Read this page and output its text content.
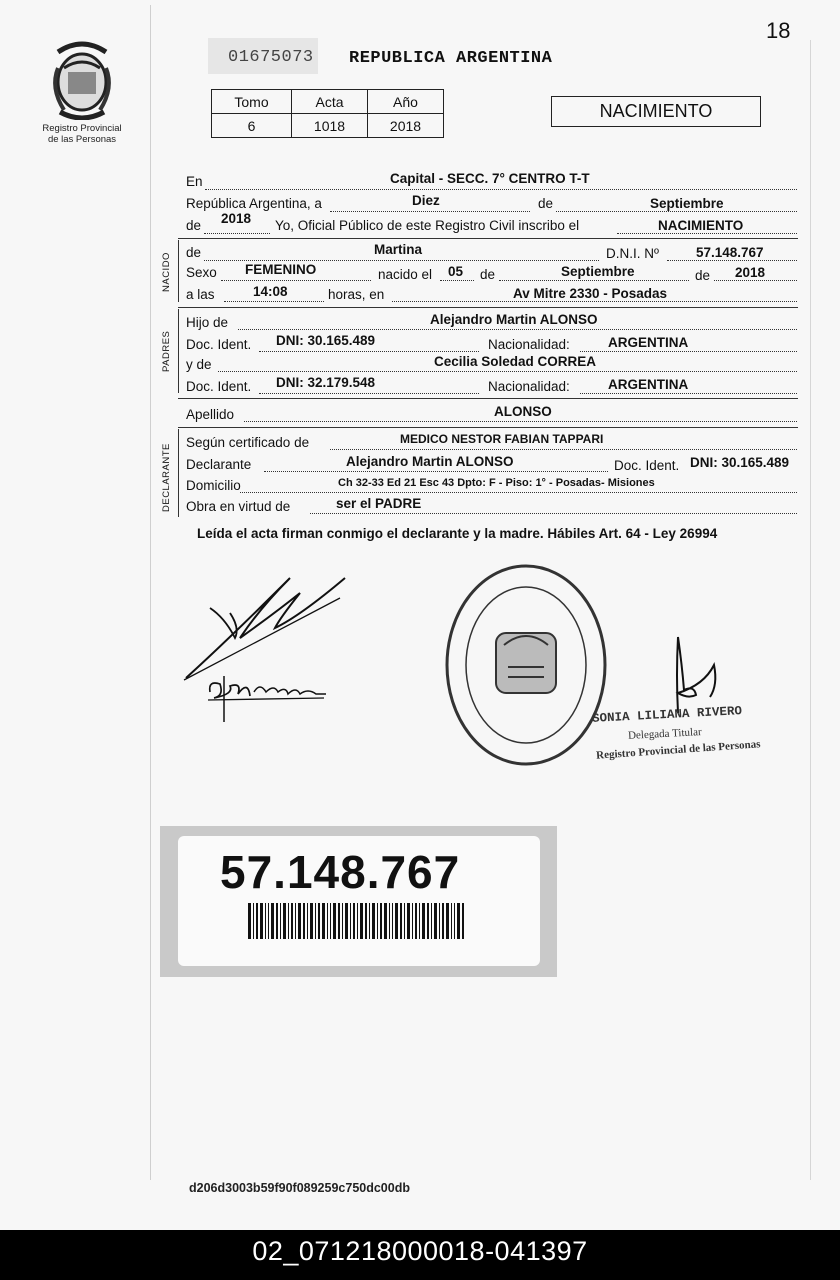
18
Registro Provincial
de las Personas
01675073 REPUBLICA ARGENTINA
Tomo	Acta	Año
6	1018	2018
NACIMIENTO
En	Capital - SECC. 7° CENTRO T-T
República Argentina, a	Diez	de	Septiembre
de 2018 Yo, Oficial Público de este Registro Civil inscribo el	NACIMIENTO
NACIDO de	Martina	D.N.I. Nº	57.148.767
Sexo FEMENINO	nacido el 05 de	Septiembre	de 2018
a las	14:08	horas, en	Av Mitre 2330 - Posadas
PADRES
Hijo de	Alejandro Martin ALONSO
Doc. Ident. DNI: 30.165.489	Nacionalidad:	ARGENTINA
y de	Cecilia Soledad CORREA
Doc. Ident. DNI: 32.179.548	Nacionalidad:	ARGENTINA
Apellido	ALONSO
DECLARANTE
Según certificado de	MEDICO NESTOR FABIAN TAPPARI
Declarante	Alejandro Martin ALONSO	Doc. Ident. DNI: 30.165.489
Domicilio	Ch 32-33 Ed 21 Esc 43 Dpto: F - Piso: 1° - Posadas- Misiones
Obra en virtud de	ser el PADRE
Leída el acta firman conmigo el declarante y la madre. Hábiles Art. 64 - Ley 26994
SONIA LILIANA RIVERO
Delegada Titular
Registro Provincial de las Personas
57.148.767
d206d3003b59f90f089259c750dc00db
02_071218000018-041397
